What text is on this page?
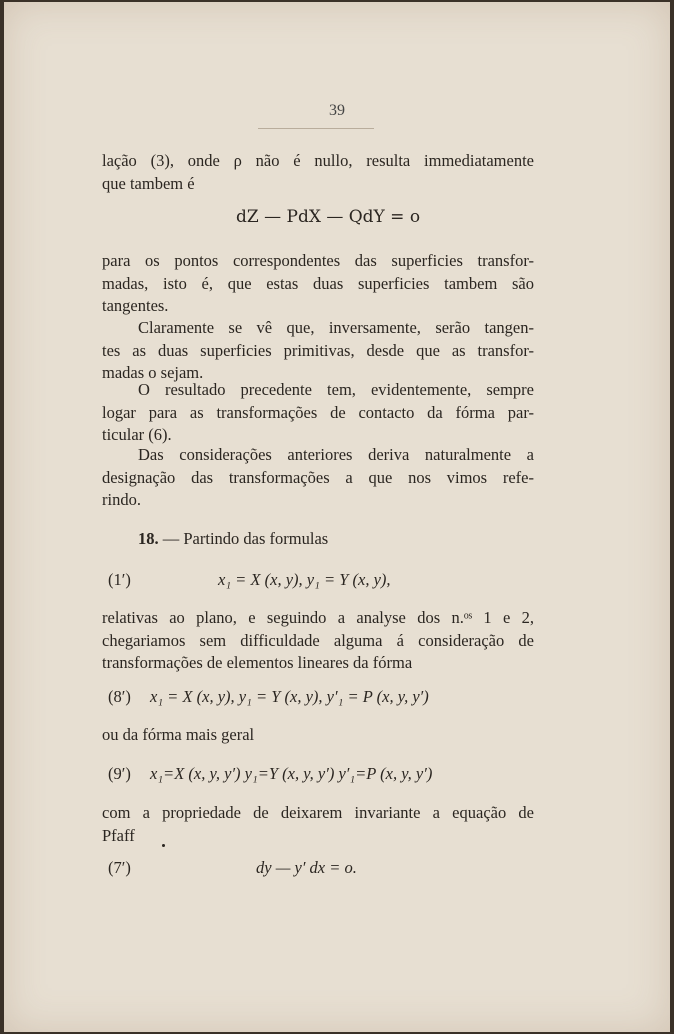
39
lação (3), onde ρ não é nullo, resulta immediatamente
que tambem é
dZ — PdX — QdY = o
para os pontos correspondentes das superficies transfor-
madas, isto é, que estas duas superficies tambem são
tangentes.
Claramente se vê que, inversamente, serão tangen-
tes as duas superficies primitivas, desde que as transfor-
madas o sejam.
O resultado precedente tem, evidentemente, sempre
logar para as transformações de contacto da fórma par-
ticular (6).
Das considerações anteriores deriva naturalmente a
designação das transformações a que nos vimos refe-
rindo.
18. — Partindo das formulas
(1′)	x₁ = X (x, y), y₁ = Y (x, y),
relativas ao plano, e seguindo a analyse dos n.ᵒˢ 1 e 2,
chegariamos sem difficuldade alguma á consideração de
transformações de elementos lineares da fórma
(8′) x₁ = X (x, y), y₁ = Y (x, y), y′₁ = P (x, y, y′)
ou da fórma mais geral
(9′) x₁=X (x, y, y′) y₁=Y (x, y, y′) y′₁=P (x, y, y′)
com a propriedade de deixarem invariante a equação de
Pfaff
(7′)	dy — y′ dx = o.
